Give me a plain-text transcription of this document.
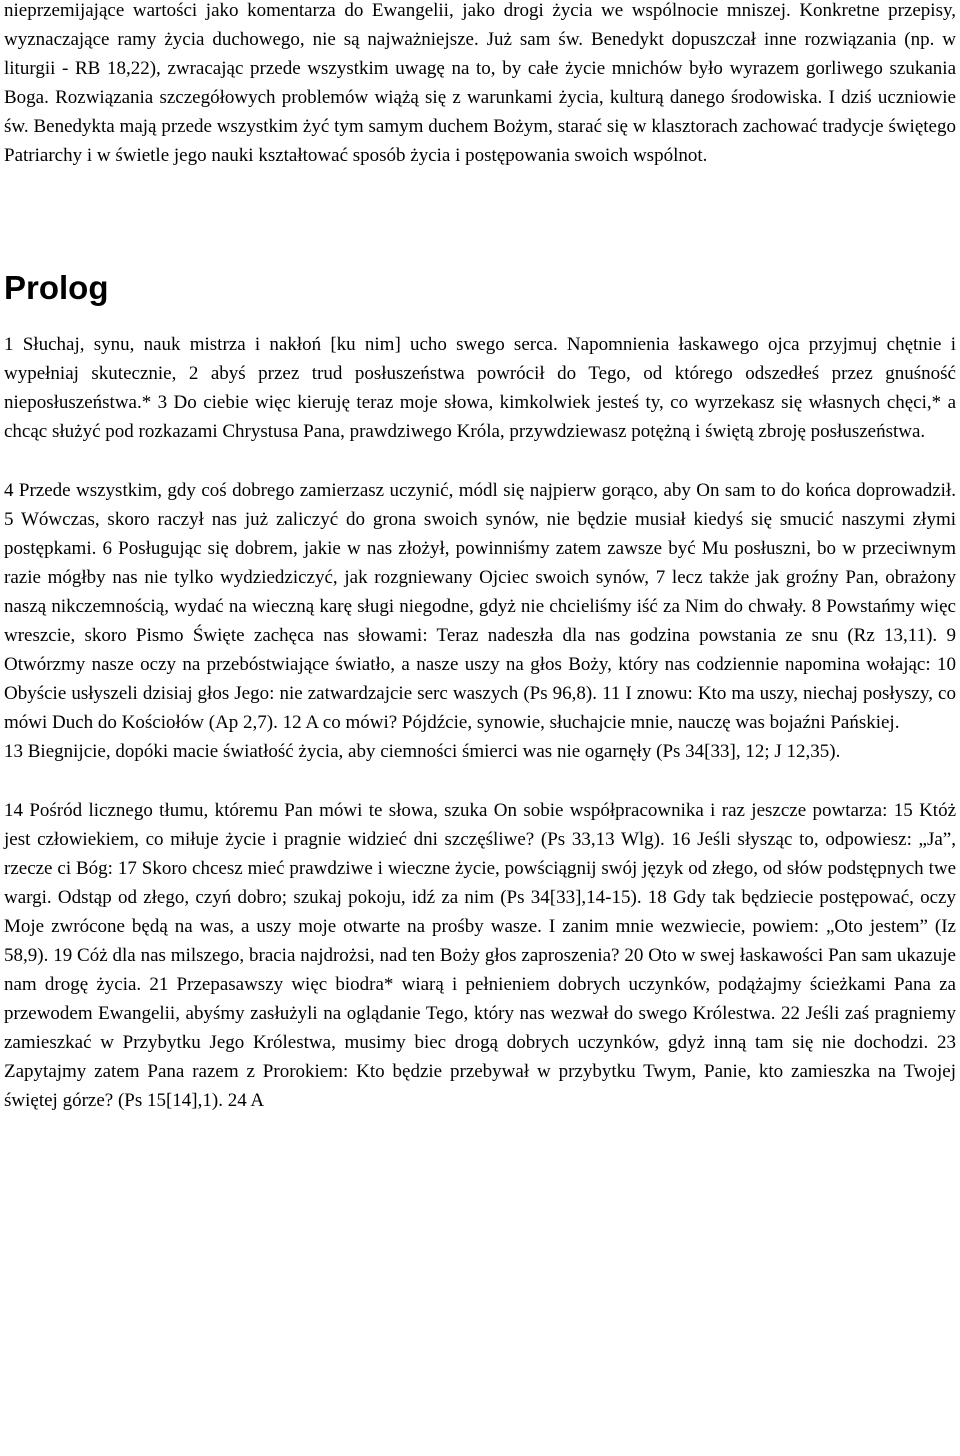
nieprzemijające wartości jako komentarza do Ewangelii, jako drogi życia we wspólnocie mniszej. Konkretne przepisy, wyznaczające ramy życia duchowego, nie są najważniejsze. Już sam św. Benedykt dopuszczał inne rozwiązania (np. w liturgii - RB 18,22), zwracając przede wszystkim uwagę na to, by całe życie mnichów było wyrazem gorliwego szukania Boga. Rozwiązania szczegółowych problemów wiążą się z warunkami życia, kulturą danego środowiska. I dziś uczniowie św. Benedykta mają przede wszystkim żyć tym samym duchem Bożym, starać się w klasztorach zachować tradycje świętego Patriarchy i w świetle jego nauki kształtować sposób życia i postępowania swoich wspólnot.

Prolog

1 Słuchaj, synu, nauk mistrza i nakłoń [ku nim] ucho swego serca. Napomnienia łaskawego ojca przyjmuj chętnie i wypełniaj skutecznie, 2 abyś przez trud posłuszeństwa powrócił do Tego, od którego odszedłeś przez gnuśność nieposłuszeństwa.* 3 Do ciebie więc kieruję teraz moje słowa, kimkolwiek jesteś ty, co wyrzekasz się własnych chęci,* a chcąc służyć pod rozkazami Chrystusa Pana, prawdziwego Króla, przywdziewasz potężną i świętą zbroję posłuszeństwa.

4 Przede wszystkim, gdy coś dobrego zamierzasz uczynić, módl się najpierw gorąco, aby On sam to do końca doprowadził. 5 Wówczas, skoro raczył nas już zaliczyć do grona swoich synów, nie będzie musiał kiedyś się smucić naszymi złymi postępkami. 6 Posługując się dobrem, jakie w nas złożył, powinniśmy zatem zawsze być Mu posłuszni, bo w przeciwnym razie mógłby nas nie tylko wydziedziczyć, jak rozgniewany Ojciec swoich synów, 7 lecz także jak groźny Pan, obrażony naszą nikczemnością, wydać na wieczną karę sługi niegodne, gdyż nie chcieliśmy iść za Nim do chwały. 8 Powstańmy więc wreszcie, skoro Pismo Święte zachęca nas słowami: Teraz nadeszła dla nas godzina powstania ze snu (Rz 13,11). 9 Otwórzmy nasze oczy na przebóstwiające światło, a nasze uszy na głos Boży, który nas codziennie napomina wołając: 10 Obyście usłyszeli dzisiaj głos Jego: nie zatwardzajcie serc waszych (Ps 96,8). 11 I znowu: Kto ma uszy, niechaj posłyszy, co mówi Duch do Kościołów (Ap 2,7). 12 A co mówi? Pójdźcie, synowie, słuchajcie mnie, nauczę was bojaźni Pańskiej.

13 Biegnijcie, dopóki macie światłość życia, aby ciemności śmierci was nie ogarnęły (Ps 34[33], 12; J 12,35).

14 Pośród licznego tłumu, któremu Pan mówi te słowa, szuka On sobie współpracownika i raz jeszcze powtarza: 15 Któż jest człowiekiem, co miłuje życie i pragnie widzieć dni szczęśliwe? (Ps 33,13 Wlg). 16 Jeśli słysząc to, odpowiesz: „Ja”, rzecze ci Bóg: 17 Skoro chcesz mieć prawdziwe i wieczne życie, powściągnij swój język od złego, od słów podstępnych twe wargi. Odstąp od złego, czyń dobro; szukaj pokoju, idź za nim (Ps 34[33],14-15). 18 Gdy tak będziecie postępować, oczy Moje zwrócone będą na was, a uszy moje otwarte na prośby wasze. I zanim mnie wezwiecie, powiem: „Oto jestem” (Iz 58,9). 19 Cóż dla nas milszego, bracia najdrożsi, nad ten Boży głos zaproszenia? 20 Oto w swej łaskawości Pan sam ukazuje nam drogę życia. 21 Przepasawszy więc biodra* wiarą i pełnieniem dobrych uczynków, podążajmy ścieżkami Pana za przewodem Ewangelii, abyśmy zasłużyli na oglądanie Tego, który nas wezwał do swego Królestwa. 22 Jeśli zaś pragniemy zamieszkać w Przybytku Jego Królestwa, musimy biec drogą dobrych uczynków, gdyż inną tam się nie dochodzi. 23 Zapytajmy zatem Pana razem z Prorokiem: Kto będzie przebywał w przybytku Twym, Panie, kto zamieszka na Twojej świętej górze? (Ps 15[14],1). 24 A
